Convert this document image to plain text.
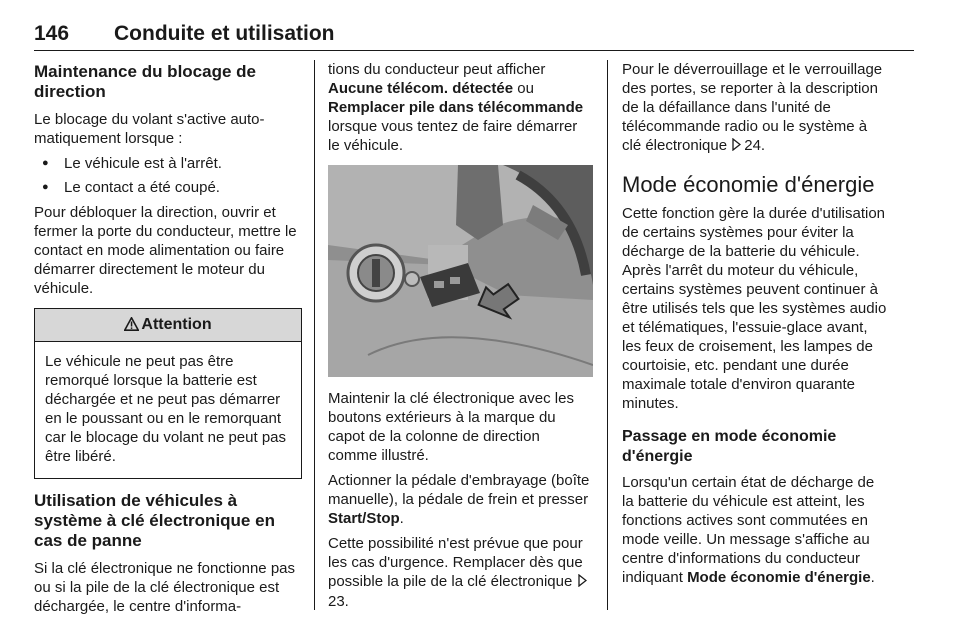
146 Conduite et utilisation
Maintenance du blocage de direction

Le blocage du volant s'active automatiquement lorsque :

● Le véhicule est à l'arrêt.
● Le contact a été coupé.

Pour débloquer la direction, ouvrir et fermer la porte du conducteur, mettre le contact en mode alimentation ou faire démarrer directement le moteur du véhicule.

Attention
Le véhicule ne peut pas être remorqué lorsque la batterie est déchargée et ne peut pas démarrer en le poussant ou en le remorquant car le blocage du volant ne peut pas être libéré.
Utilisation de véhicules à système à clé électronique en cas de panne

Si la clé électronique ne fonctionne pas ou si la pile de la clé électronique est déchargée, le centre d'informa-

tions du conducteur peut afficher
Aucune télécom. détectée ou
Remplacer pile dans télécommande
lorsque vous tentez de faire démarrer le véhicule.

Maintenir la clé électronique avec les boutons extérieurs à la marque du capot de la colonne de direction comme illustré.

Actionner la pédale d'embrayage (boîte manuelle), la pédale de frein et presser Start/Stop.

Cette possibilité n'est prévue que pour les cas d'urgence. Remplacer dès que possible la pile de la clé électronique 23.

Pour le déverrouillage et le verrouillage des portes, se reporter à la description de la défaillance dans l'unité de télécommande radio ou le système à clé électronique 24.

Mode économie d'énergie

Cette fonction gère la durée d'utilisation de certains systèmes pour éviter la décharge de la batterie du véhicule. Après l'arrêt du moteur du véhicule, certains systèmes peuvent continuer à être utilisés tels que les systèmes audio et télématiques, l'essuie-glace avant, les feux de croisement, les lampes de courtoisie, etc. pendant une durée maximale totale d'environ quarante minutes.

Passage en mode économie d'énergie

Lorsqu'un certain état de décharge de la batterie du véhicule est atteint, les fonctions actives sont commutées en mode veille. Un message s'affiche au centre d'informations du conducteur indiquant Mode économie d'énergie.
